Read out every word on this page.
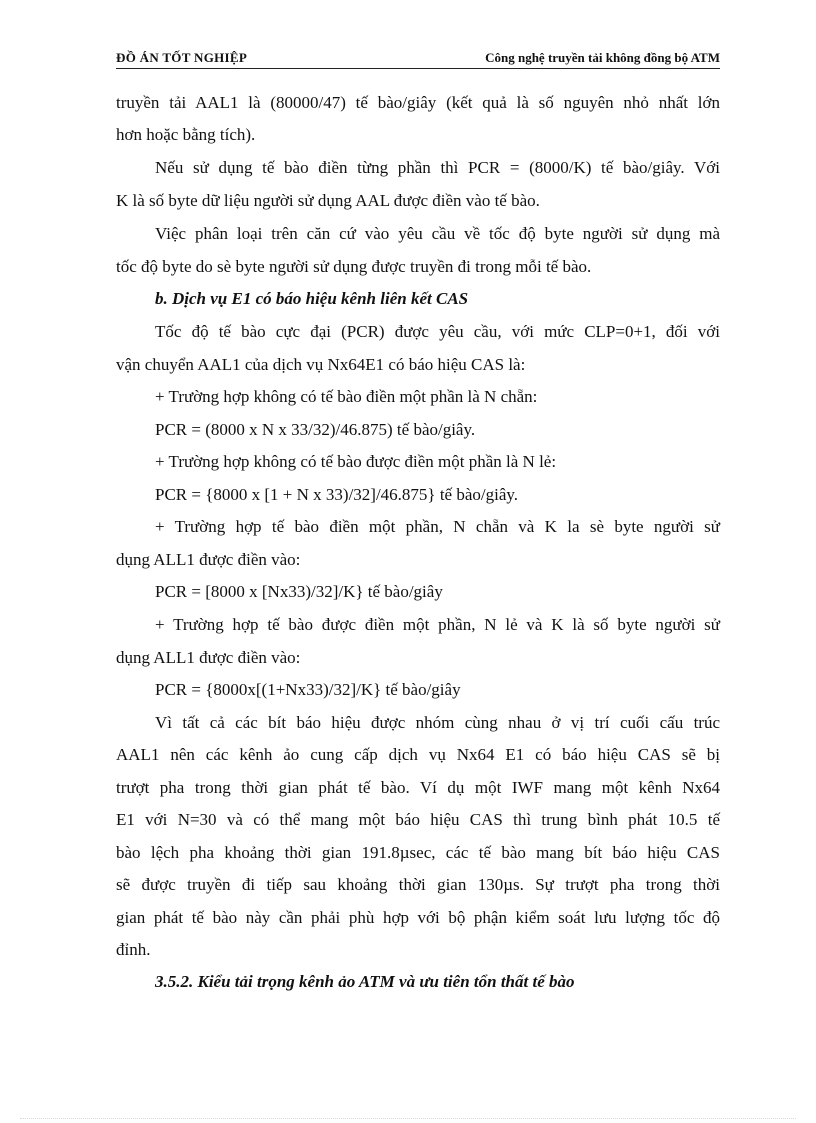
ĐỒ ÁN TỐT NGHIỆP	Công nghệ truyền tải không đồng bộ ATM
truyền tải AAL1 là (80000/47) tế bào/giây (kết quả là số nguyên nhỏ nhất lớn
hơn hoặc bằng tích).
Nếu sử dụng tế bào điền từng phần thì PCR = (8000/K) tế bào/giây. Với
K là số byte dữ liệu người sử dụng AAL được điền vào tế bào.
Việc phân loại trên căn cứ vào yêu cầu về tốc độ byte người sử dụng mà
tốc độ byte do sè byte người sử dụng được truyền đi trong mỗi tế bào.
b. Dịch vụ E1 có báo hiệu kênh liên kết CAS
Tốc độ tế bào cực đại (PCR) được yêu cầu, với mức CLP=0+1, đối với
vận chuyển AAL1 của dịch vụ Nx64E1 có báo hiệu CAS là:
+ Trường hợp không có tế bào điền một phần là N chẵn:
PCR = (8000 x N x 33/32)/46.875) tế bào/giây.
+ Trường hợp không có tế bào được điền một phần là N lẻ:
PCR = {8000 x [1 + N x 33)/32]/46.875} tế bào/giây.
+ Trường hợp tế bào điền một phần, N chẵn và K la sè byte người sử
dụng ALL1 được điền vào:
PCR = [8000 x [Nx33)/32]/K} tế bào/giây
+ Trường hợp tế bào được điền một phần, N lẻ và K là số byte người sử
dụng ALL1 được điền vào:
PCR = {8000x[(1+Nx33)/32]/K} tế bào/giây
Vì tất cả các bít báo hiệu được nhóm cùng nhau ở vị trí cuối cấu trúc
AAL1 nên các kênh ảo cung cấp dịch vụ Nx64 E1 có báo hiệu CAS sẽ bị
trượt pha trong thời gian phát tế bào. Ví dụ một IWF mang một kênh Nx64
E1 với N=30 và có thể mang một báo hiệu CAS thì trung bình phát 10.5 tế
bào lệch pha khoảng thời gian 191.8µsec, các tế bào mang bít báo hiệu CAS
sẽ được truyền đi tiếp sau khoảng thời gian 130µs. Sự trượt pha trong thời
gian phát tế bào này cần phải phù hợp với bộ phận kiểm soát lưu lượng tốc độ
đỉnh.
3.5.2. Kiểu tải trọng kênh ảo ATM và ưu tiên tổn thất tế bào
